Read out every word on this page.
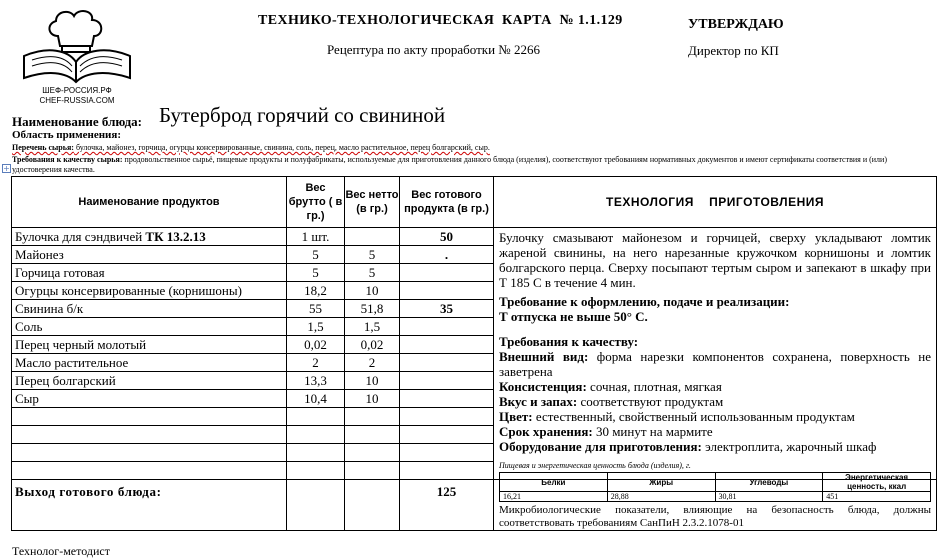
ШЕФ-РОССИЯ.РФ
CHEF-RUSSIA.COM
ТЕХНИКО-ТЕХНОЛОГИЧЕСКАЯ  КАРТА  № 1.1.129
Рецептура по акту проработки № 2266
УТВЕРЖДАЮ
Директор по КП
Наименование блюда: Бутерброд горячий со свининой
Область применения:
Перечень сырья: булочка, майонез, горчица, огурцы консервированные, свинина, соль, перец, масло растительное, перец болгарский, сыр.
Требования к качеству сырья: продовольственное сырьё, пищевые продукты и полуфабрикаты, используемые для приготовления данного блюда (изделия), соответствуют требованиям нормативных документов и имеют сертификаты соответствия и (или) удостоверения качества.
+
Наименование продуктов	Вес брутто ( в гр.)	Вес нетто (в гр.)	Вес готового продукта (в гр.)	ТЕХНОЛОГИЯ    ПРИГОТОВЛЕНИЯ
Булочка для сэндвичей ТК 13.2.13	1 шт.		50	Булочку смазывают майонезом и горчицей, сверху укладывают ломтик жареной свинины, на него нарезанные кружочком корнишоны и ломтик болгарского перца. Сверху посыпают тертым сыром и запекают в шкафу при Т 185 С в течение 4 мин.

Требование к оформлению, подаче и реализации:

Т отпуска не выше 50° С.

Требования к качеству:

Внешний вид: форма нарезки компонентов сохранена, поверхность не заветрена

Консистенция: сочная, плотная, мягкая

Вкус и запах: соответствуют продуктам

Цвет: естественный, свойственный использованным продуктам

Срок хранения: 30 минут на мармите

Оборудование для приготовления: электроплита, жарочный шкаф

Майонез	5	5	.
Горчица готовая	5	5	
Огурцы консервированные (корнишоны)	18,2	10	
Свинина б/к	55	51,8	35
Соль	1,5	1,5	
Перец черный молотый	0,02	0,02	
Масло растительное	2	2	
Перец болгарский	13,3	10	
Сыр	10,4	10	

Выход готового блюда:			125	
Пищевая и энергетическая ценность блюда (изделия), г.
Белки	Жиры	Углеводы	Энергетическая ценность, ккал
16,21	28,88	30,81	451
Микробиологические показатели, влияющие на безопасность блюда, должны соответствовать требованиям СанПиН 2.3.2.1078-01
Технолог-методист
